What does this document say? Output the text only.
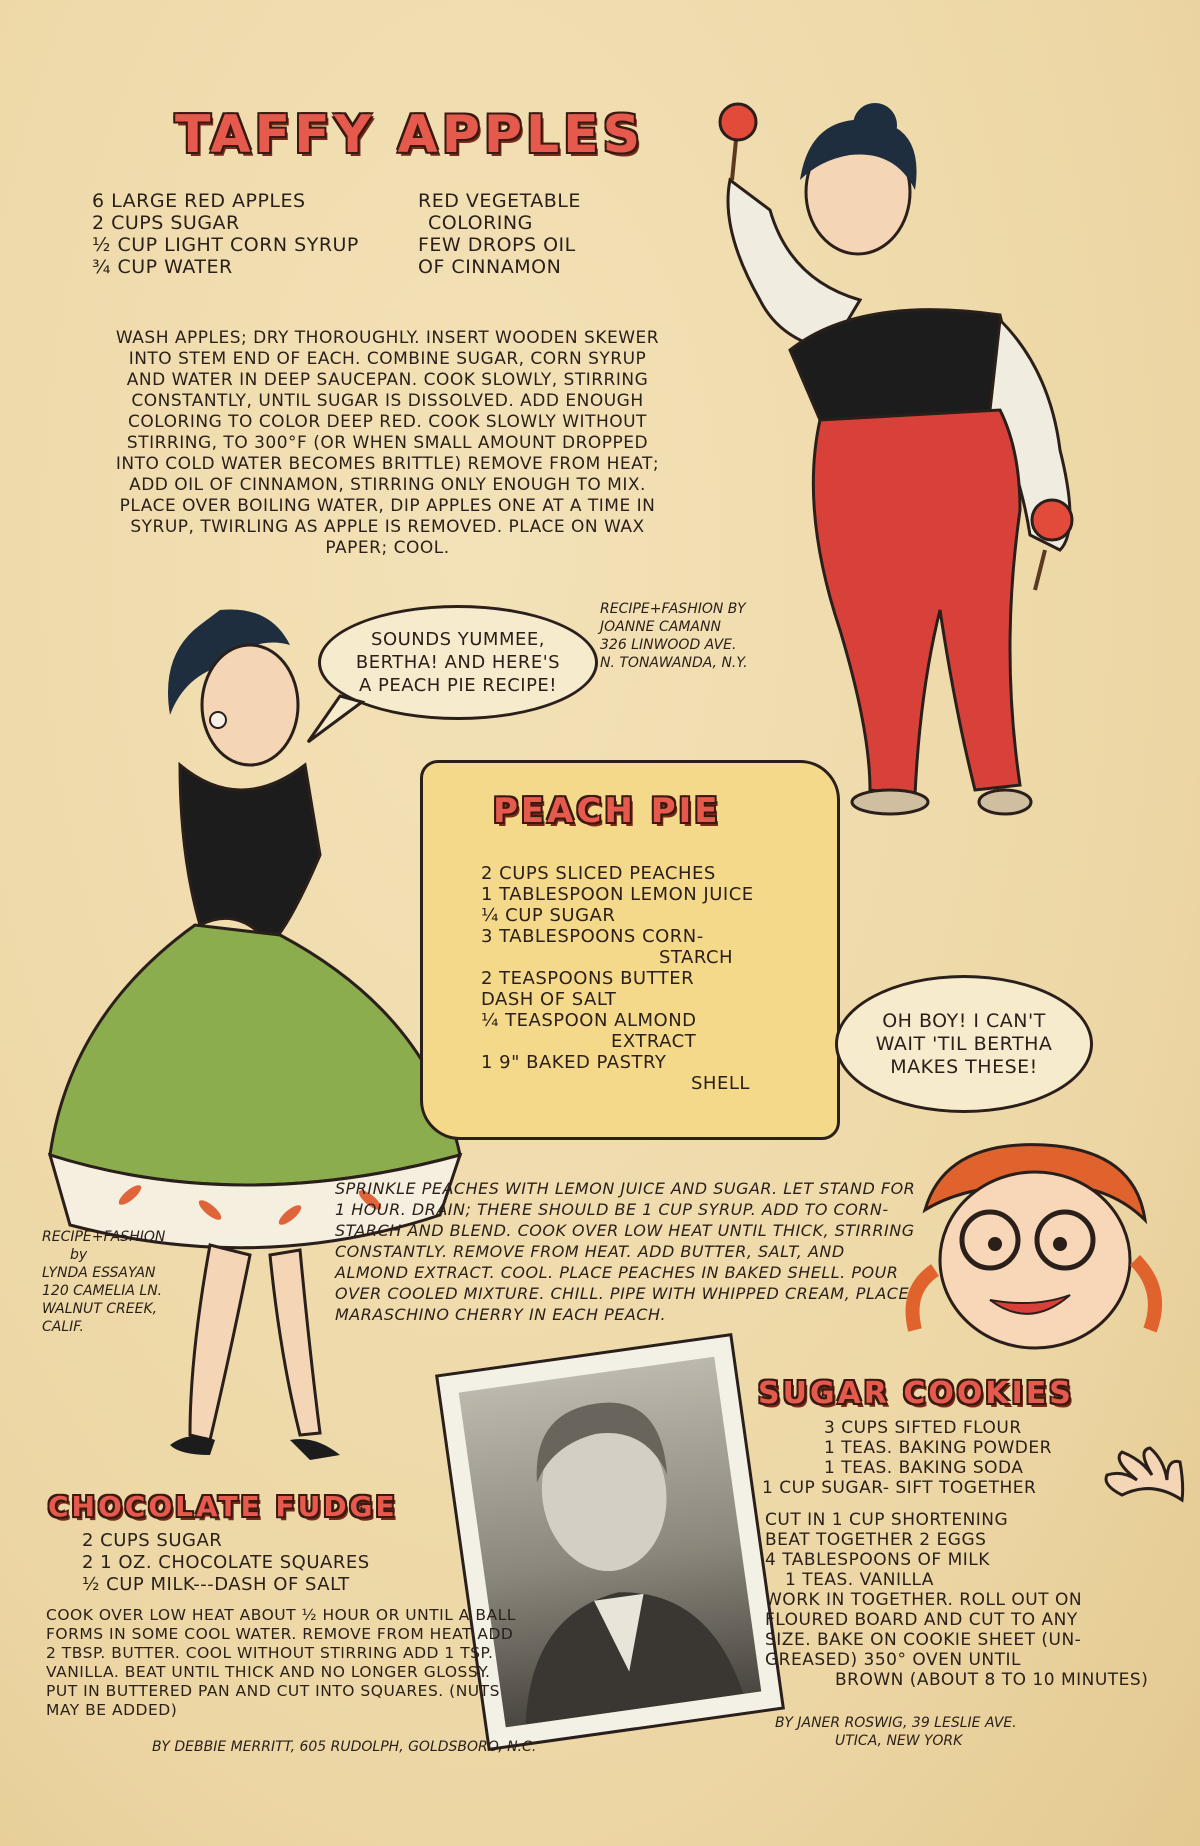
TAFFY APPLES
6 LARGE RED APPLES
2 CUPS SUGAR
½ CUP LIGHT CORN SYRUP
¾ CUP WATER
RED VEGETABLE
COLORING
FEW DROPS OIL
OF CINNAMON

WASH APPLES; DRY THOROUGHLY. INSERT WOODEN SKEWER INTO STEM END OF EACH. COMBINE SUGAR, CORN SYRUP AND WATER IN DEEP SAUCEPAN. COOK SLOWLY, STIRRING CONSTANTLY, UNTIL SUGAR IS DISSOLVED. ADD ENOUGH COLORING TO COLOR DEEP RED. COOK SLOWLY WITHOUT STIRRING, TO 300°F (OR WHEN SMALL AMOUNT DROPPED INTO COLD WATER BECOMES BRITTLE) REMOVE FROM HEAT; ADD OIL OF CINNAMON, STIRRING ONLY ENOUGH TO MIX. PLACE OVER BOILING WATER, DIP APPLES ONE AT A TIME IN SYRUP, TWIRLING AS APPLE IS REMOVED. PLACE ON WAX PAPER; COOL.

RECIPE+FASHION BY
JOANNE CAMANN
326 LINWOOD AVE.
N. TONAWANDA, N.Y.
SOUNDS YUMMEE, BERTHA! AND HERE'S A PEACH PIE RECIPE!
PEACH PIE
2 CUPS SLICED PEACHES
1 TABLESPOON LEMON JUICE
¼ CUP SUGAR
3 TABLESPOONS CORN-
STARCH
2 TEASPOONS BUTTER
DASH OF SALT
¼ TEASPOON ALMOND
EXTRACT
1 9" BAKED PASTRY
SHELL
OH BOY! I CAN'T WAIT 'TIL BERTHA MAKES THESE!

SPRINKLE PEACHES WITH LEMON JUICE AND SUGAR. LET STAND FOR 1 HOUR. DRAIN; THERE SHOULD BE 1 CUP SYRUP. ADD TO CORN-STARCH AND BLEND. COOK OVER LOW HEAT UNTIL THICK, STIRRING CONSTANTLY. REMOVE FROM HEAT. ADD BUTTER, SALT, AND ALMOND EXTRACT. COOL. PLACE PEACHES IN BAKED SHELL. POUR OVER COOLED MIXTURE. CHILL. PIPE WITH WHIPPED CREAM, PLACE MARASCHINO CHERRY IN EACH PEACH.

RECIPE+FASHION
by
LYNDA ESSAYAN
120 CAMELIA LN.
WALNUT CREEK,
CALIF.
SUGAR COOKIES
3 CUPS SIFTED FLOUR
1 TEAS. BAKING POWDER
1 TEAS. BAKING SODA
1 CUP SUGAR- SIFT TOGETHER
CUT IN 1 CUP SHORTENING
BEAT TOGETHER 2 EGGS
4 TABLESPOONS OF MILK
1 TEAS. VANILLA
WORK IN TOGETHER. ROLL OUT ON
FLOURED BOARD AND CUT TO ANY
SIZE. BAKE ON COOKIE SHEET (UN-
GREASED) 350° OVEN UNTIL
BROWN (ABOUT 8 TO 10 MINUTES)
BY JANER ROSWIG, 39 LESLIE AVE.
UTICA, NEW YORK
CHOCOLATE FUDGE
2 CUPS SUGAR
2 1 OZ. CHOCOLATE SQUARES
½ CUP MILK---DASH OF SALT

COOK OVER LOW HEAT ABOUT ½ HOUR OR UNTIL A BALL FORMS IN SOME COOL WATER. REMOVE FROM HEAT ADD 2 TBSP. BUTTER. COOL WITHOUT STIRRING ADD 1 TSP. VANILLA. BEAT UNTIL THICK AND NO LONGER GLOSSY. PUT IN BUTTERED PAN AND CUT INTO SQUARES. (NUTS MAY BE ADDED)

BY DEBBIE MERRITT, 605 RUDOLPH, GOLDSBORO, N.C.
